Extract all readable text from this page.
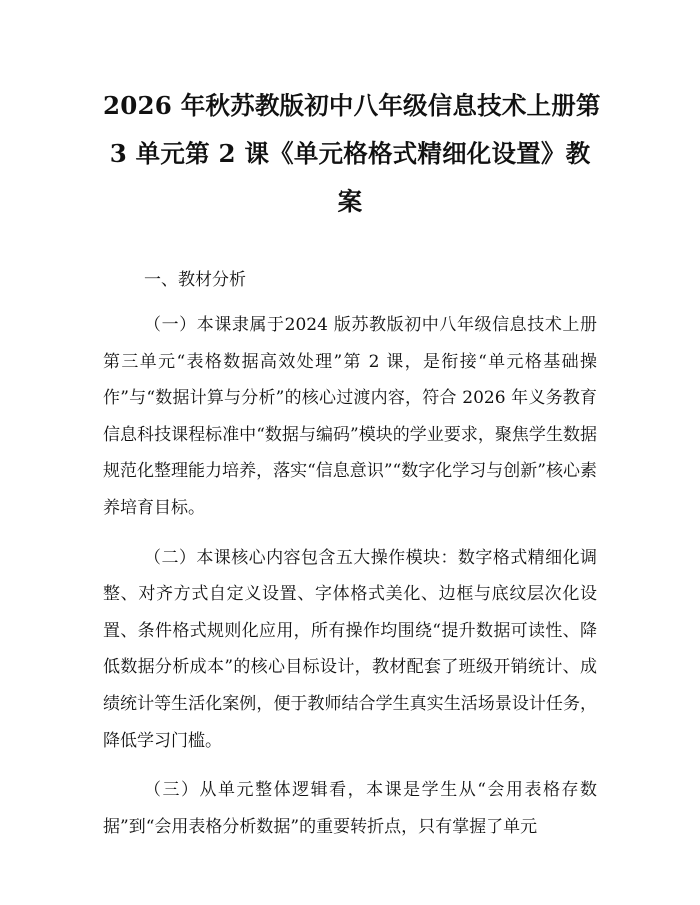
2026 年秋苏教版初中八年级信息技术上册第
3 单元第 2 课《单元格格式精细化设置》教
案

一、教材分析

（一）本课隶属于2024 版苏教版初中八年级信息技术上册第三单元“表格数据高效处理”第 2 课，是衔接“单元格基础操作”与“数据计算与分析”的核心过渡内容，符合 2026 年义务教育信息科技课程标准中“数据与编码”模块的学业要求，聚焦学生数据规范化整理能力培养，落实“信息意识”“数字化学习与创新”核心素养培育目标。

（二）本课核心内容包含五大操作模块：数字格式精细化调整、对齐方式自定义设置、字体格式美化、边框与底纹层次化设置、条件格式规则化应用，所有操作均围绕“提升数据可读性、降低数据分析成本”的核心目标设计，教材配套了班级开销统计、成绩统计等生活化案例，便于教师结合学生真实生活场景设计任务，降低学习门槛。

（三）从单元整体逻辑看，本课是学生从“会用表格存数据”到“会用表格分析数据”的重要转折点，只有掌握了单元
